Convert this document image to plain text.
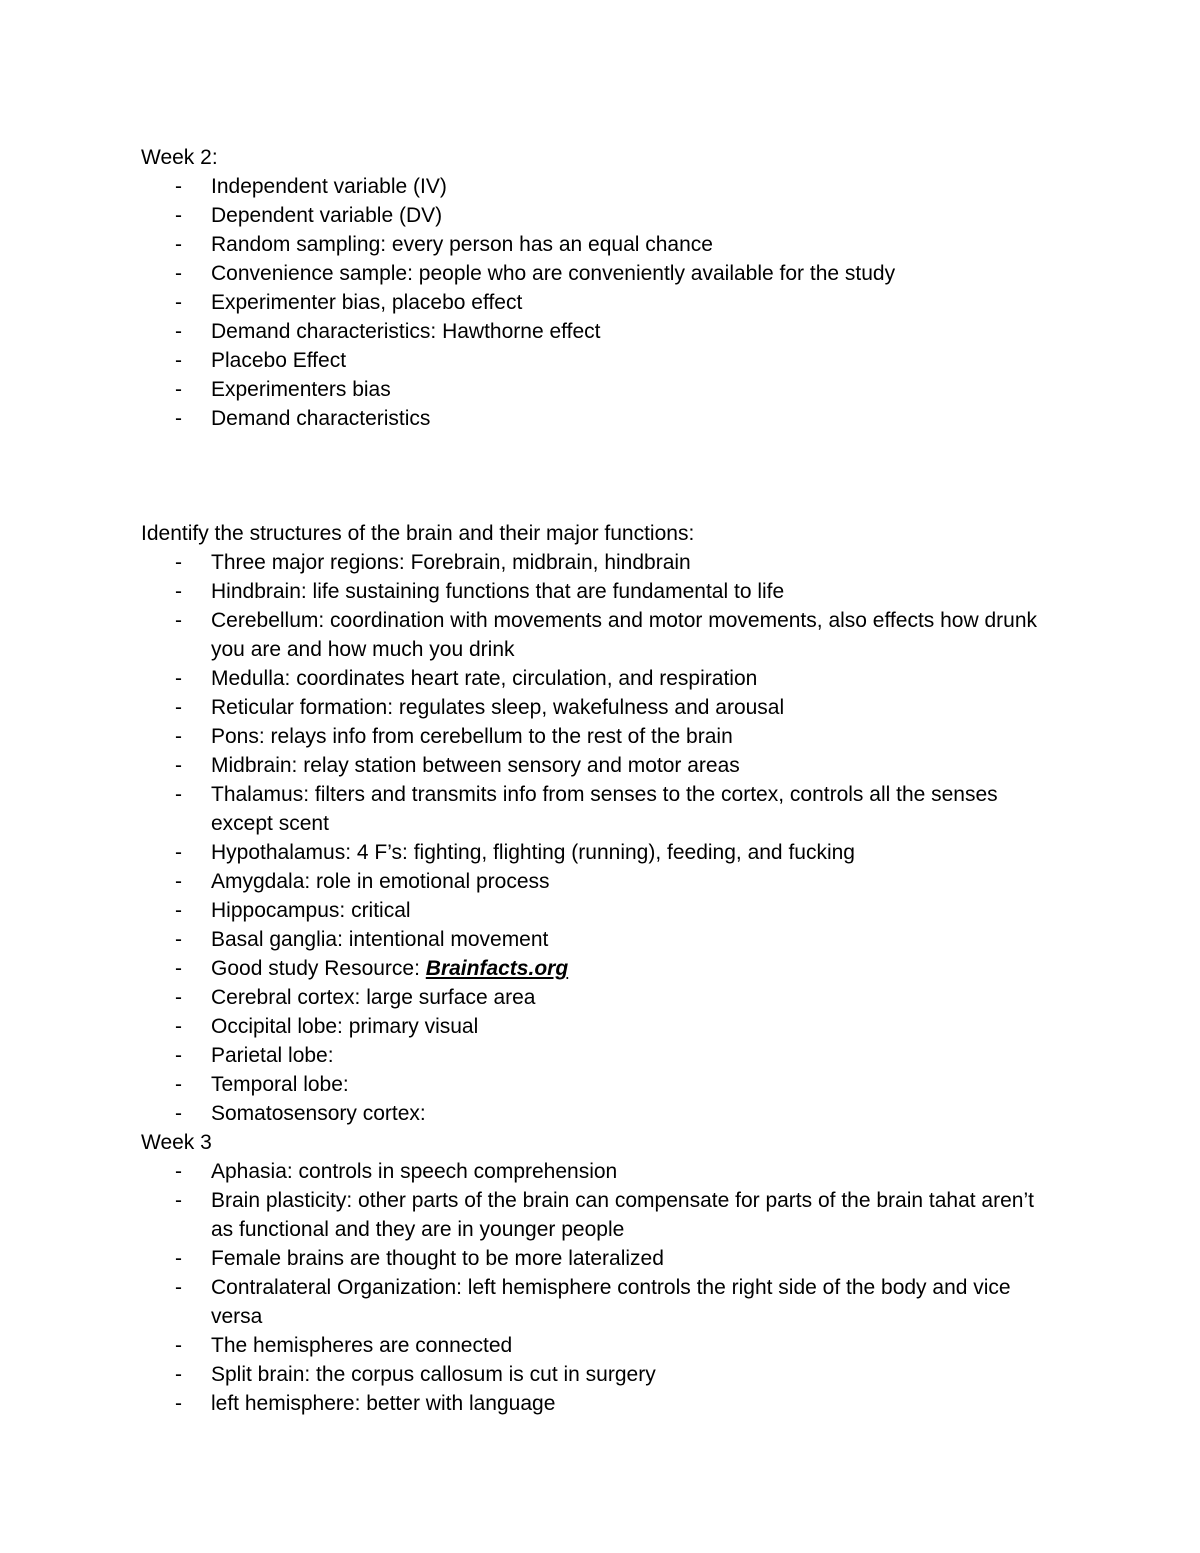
Week 2:
- Independent variable (IV)
- Dependent variable (DV)
- Random sampling: every person has an equal chance
- Convenience sample: people who are conveniently available for the study
- Experimenter bias, placebo effect
- Demand characteristics: Hawthorne effect
- Placebo Effect
- Experimenters bias
- Demand characteristics
Identify the structures of the brain and their major functions:
- Three major regions: Forebrain, midbrain, hindbrain
- Hindbrain: life sustaining functions that are fundamental to life
- Cerebellum: coordination with movements and motor movements, also effects how drunk you are and how much you drink
- Medulla: coordinates heart rate, circulation, and respiration
- Reticular formation: regulates sleep, wakefulness and arousal
- Pons: relays info from cerebellum to the rest of the brain
- Midbrain: relay station between sensory and motor areas
- Thalamus: filters and transmits info from senses to the cortex, controls all the senses except scent
- Hypothalamus: 4 F’s: fighting, flighting (running), feeding, and fucking
- Amygdala: role in emotional process
- Hippocampus: critical
- Basal ganglia: intentional movement
- Good study Resource: Brainfacts.org
- Cerebral cortex: large surface area
- Occipital lobe: primary visual
- Parietal lobe:
- Temporal lobe:
- Somatosensory cortex:
Week 3
- Aphasia: controls in speech comprehension
- Brain plasticity: other parts of the brain can compensate for parts of the brain tahat aren’t as functional and they are in younger people
- Female brains are thought to be more lateralized
- Contralateral Organization: left hemisphere controls the right side of the body and vice versa
- The hemispheres are connected
- Split brain: the corpus callosum is cut in surgery
- left hemisphere: better with language
